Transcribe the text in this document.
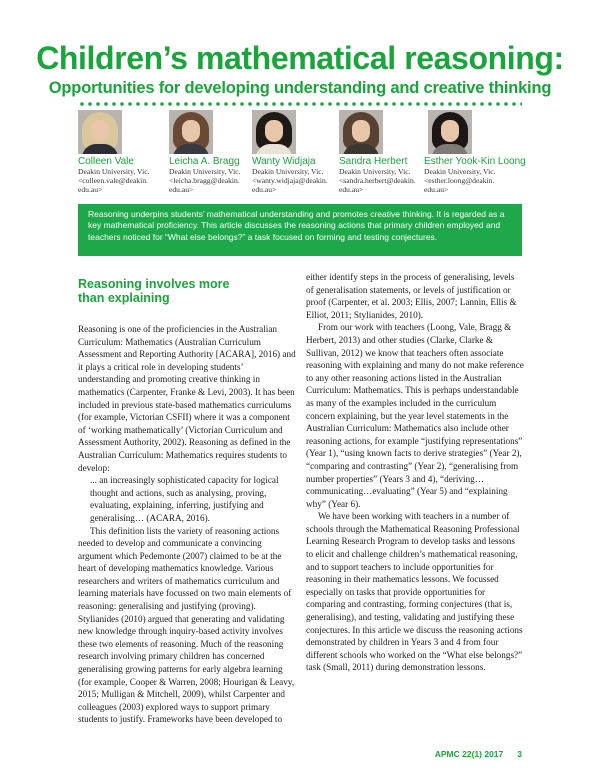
Children’s mathematical reasoning:
Opportunities for developing understanding and creative thinking
Colleen Vale
Deakin University, Vic.
<colleen.vale@deakin.
edu.au>
Leicha A. Bragg
Deakin University, Vic.
<leicha.bragg@deakin.
edu.au>
Wanty Widjaja
Deakin University, Vic.
<wanty.widjaja@deakin.
edu.au>
Sandra Herbert
Deakin University, Vic.
<sandra.herbert@deakin.
edu.au>
Esther Yook-Kin Loong
Deakin University, Vic.
<esther.loong@deakin.
edu.au>
Reasoning underpins students’ mathematical understanding and promotes creative thinking. It is regarded as a key mathematical proficiency. This article discusses the reasoning actions that primary children employed and teachers noticed for “What else belongs?” a task focused on forming and testing conjectures.
Reasoning involves more
than explaining

Reasoning is one of the proficiencies in the Australian Curriculum: Mathematics (Australian Curriculum Assessment and Reporting Authority [ACARA], 2016) and it plays a critical role in developing students’ understanding and promoting creative thinking in mathematics (Carpenter, Franke & Levi, 2003). It has been included in previous state-based mathematics curriculums (for example, Victorian CSFII) where it was a component of ‘working mathematically’ (Victorian Curriculum and Assessment Authority, 2002). Reasoning as defined in the Australian Curriculum: Mathematics requires students to develop:

... an increasingly sophisticated capacity for logical thought and actions, such as analysing, proving, evaluating, explaining, inferring, justifying and generalising… (ACARA, 2016).

This definition lists the variety of reasoning actions needed to develop and communicate a convincing argument which Pedemonte (2007) claimed to be at the heart of developing mathematics knowledge. Various researchers and writers of mathematics curriculum and learning materials have focussed on two main elements of reasoning: generalising and justifying (proving). Stylianides (2010) argued that generating and validating new knowledge through inquiry-based activity involves these two elements of reasoning. Much of the reasoning research involving primary children has concerned generalising growing patterns for early algebra learning (for example, Cooper & Warren, 2008; Hourigan & Leavy, 2015; Mulligan & Mitchell, 2009), whilst Carpenter and colleagues (2003) explored ways to support primary students to justify. Frameworks have been developed to

either identify steps in the process of generalising, levels of generalisation statements, or levels of justification or proof (Carpenter, et al. 2003; Ellis, 2007; Lannin, Ellis & Elliot, 2011; Stylianides, 2010).

From our work with teachers (Loong, Vale, Bragg & Herbert, 2013) and other studies (Clarke, Clarke & Sullivan, 2012) we know that teachers often associate reasoning with explaining and many do not make reference to any other reasoning actions listed in the Australian Curriculum: Mathematics. This is perhaps understandable as many of the examples included in the curriculum concern explaining, but the year level statements in the Australian Curriculum: Mathematics also include other reasoning actions, for example “justifying representations” (Year 1), “using known facts to derive strategies” (Year 2), “comparing and contrasting” (Year 2), “generalising from number properties” (Years 3 and 4), “deriving… communicating…evaluating” (Year 5) and “explaining why” (Year 6).

We have been working with teachers in a number of schools through the Mathematical Reasoning Professional Learning Research Program to develop tasks and lessons to elicit and challenge children’s mathematical reasoning, and to support teachers to include opportunities for reasoning in their mathematics lessons. We focussed especially on tasks that provide opportunities for comparing and contrasting, forming conjectures (that is, generalising), and testing, validating and justifying these conjectures. In this article we discuss the reasoning actions demonstrated by children in Years 3 and 4 from four different schools who worked on the “What else belongs?” task (Small, 2011) during demonstration lessons.

APMC 22(1) 2017 3
